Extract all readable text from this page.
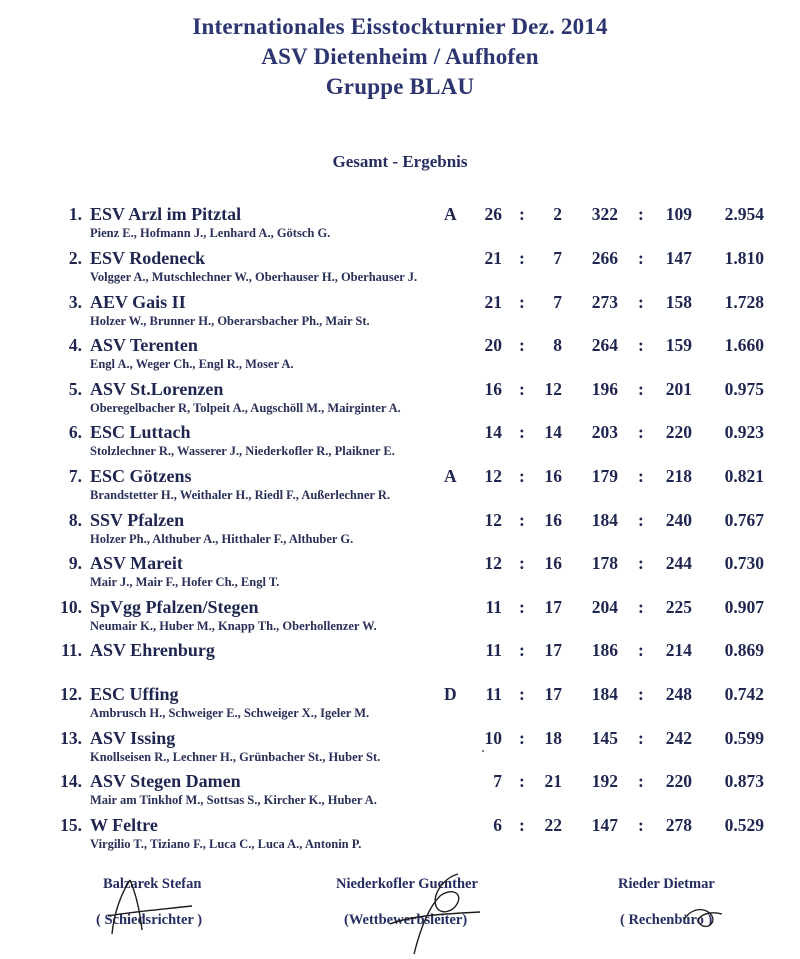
Internationales Eisstockturnier Dez. 2014
ASV Dietenheim / Aufhofen
Gruppe BLAU
Gesamt - Ergebnis
1. ESV Arzl im Pitztal	A	26 :	2	322 :	109	2.954
Pienz E., Hofmann J., Lenhard A., Götsch G.
2. ESV Rodeneck	21 :	7	266 :	147	1.810
Volgger A., Mutschlechner W., Oberhauser H., Oberhauser J.
3. AEV Gais II	21 :	7	273 :	158	1.728
Holzer W., Brunner H., Oberarsbacher Ph., Mair St.
4. ASV Terenten	20 :	8	264 :	159	1.660
Engl A., Weger Ch., Engl R., Moser A.
5. ASV St.Lorenzen	16 :	12	196 :	201	0.975
Oberegelbacher R, Tolpeit A., Augschöll M., Mairginter A.
6. ESC Luttach	14 :	14	203 :	220	0.923
Stolzlechner R., Wasserer J., Niederkofler R., Plaikner E.
7. ESC Götzens	A	12 :	16	179 :	218	0.821
Brandstetter H., Weithaler H., Riedl F., Außerlechner R.
8. SSV Pfalzen	12 :	16	184 :	240	0.767
Holzer Ph., Althuber A., Hitthaler F., Althuber G.
9. ASV Mareit	12 :	16	178 :	244	0.730
Mair J., Mair F., Hofer Ch., Engl T.
10. SpVgg Pfalzen/Stegen	11 :	17	204 :	225	0.907
Neumair K., Huber M., Knapp Th., Oberhollenzer W.
11. ASV Ehrenburg	11 :	17	186 :	214	0.869
12. ESC Uffing	D	11 :	17	184 :	248	0.742
Ambrusch H., Schweiger E., Schweiger X., Igeler M.
13. ASV Issing	10 :	18	145 :	242	0.599
Knollseisen R., Lechner H., Grünbacher St., Huber St.
14. ASV Stegen Damen	7 :	21	192 :	220	0.873
Mair am Tinkhof M., Sottsas S., Kircher K., Huber A.
15. W Feltre	6 :	22	147 :	278	0.529
Virgilio T., Tiziano F., Luca C., Luca A., Antonin P.
Balzarek Stefan
( Schiedsrichter )
Niederkofler Guenther
(Wettbewerbsleiter)
Rieder Dietmar
( Rechenbüro )
